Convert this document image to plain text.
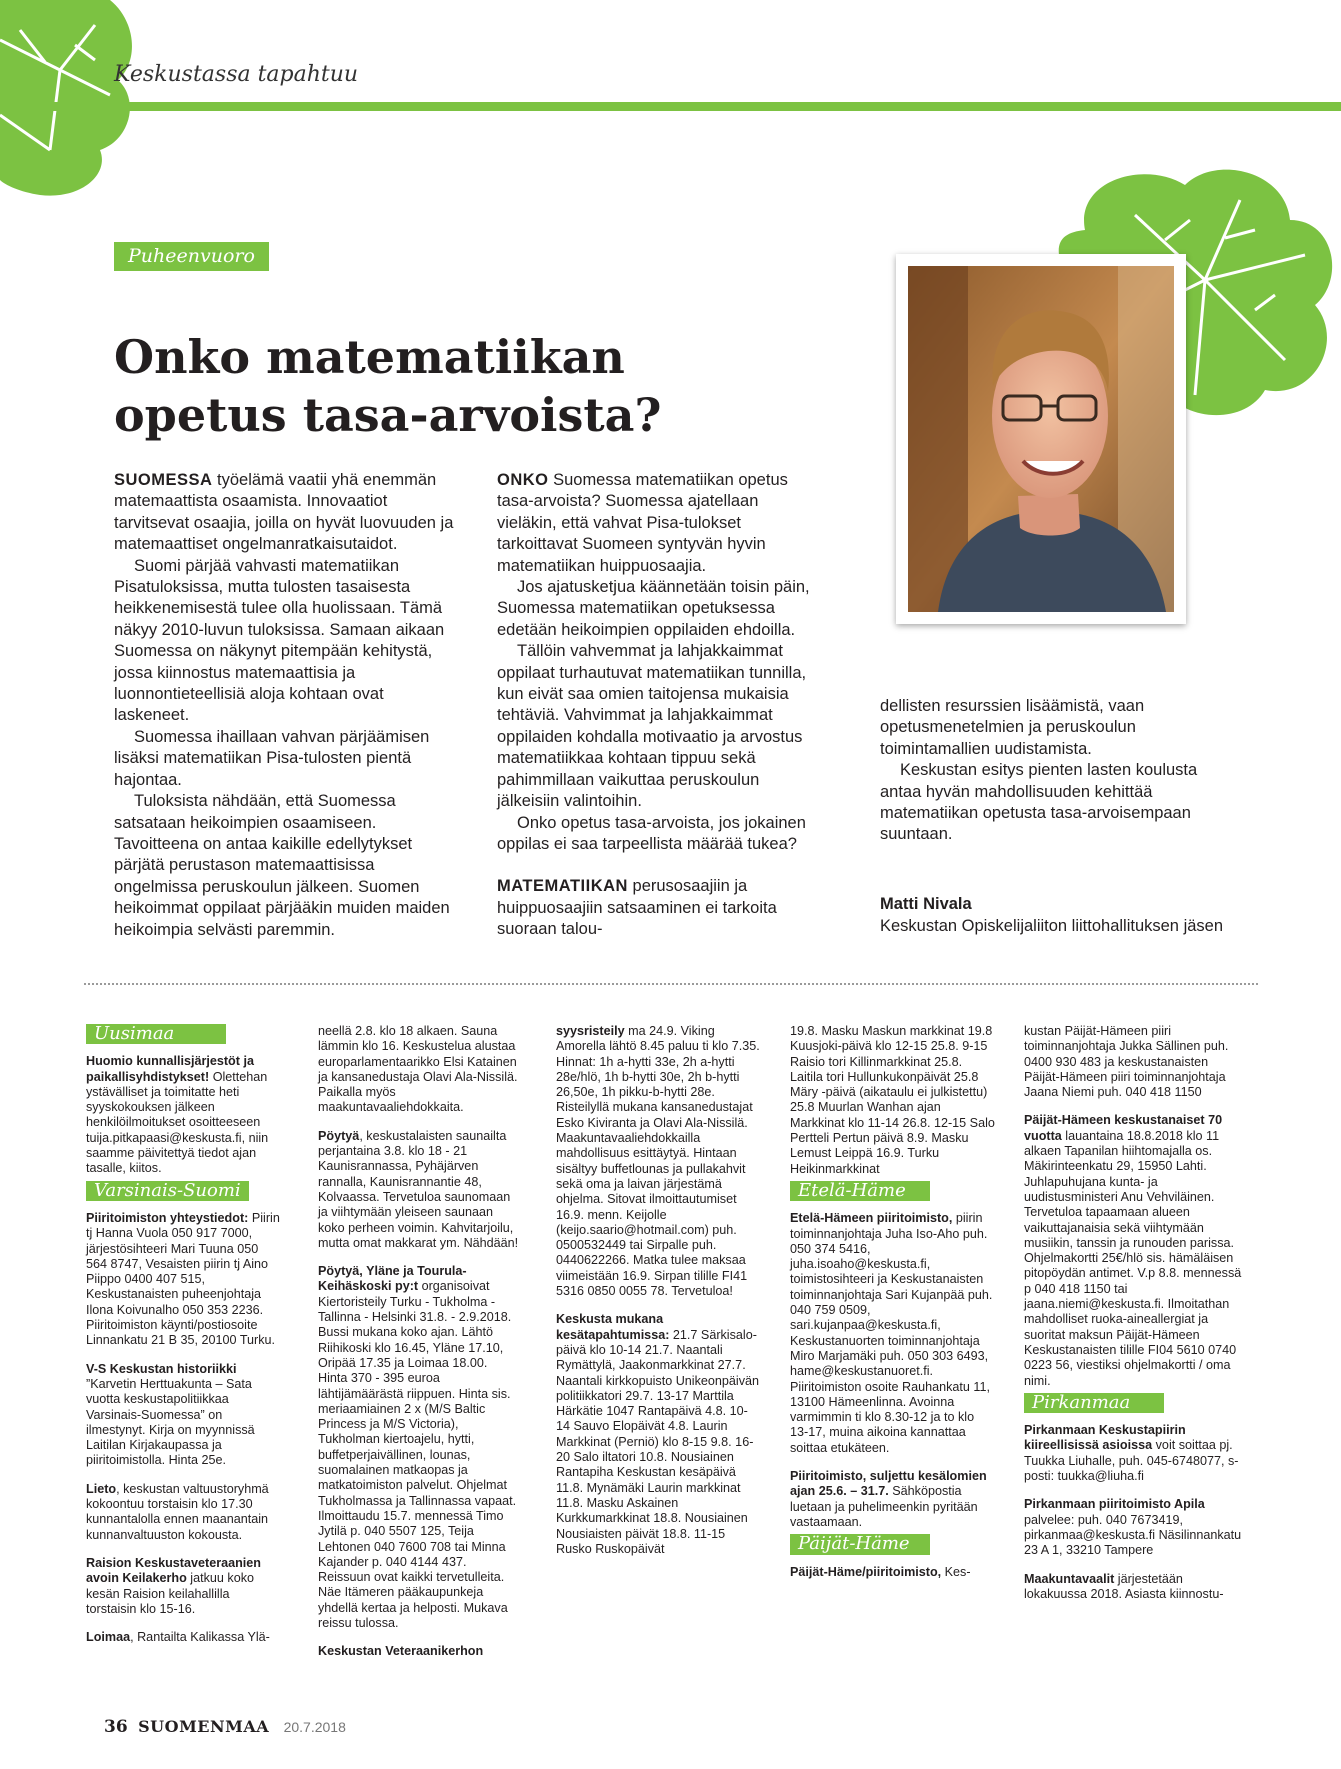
Keskustassa tapahtuu
Puheenvuoro
Onko matematiikan
opetus tasa-arvoista?

SUOMESSA työelämä vaatii yhä enemmän matemaattista osaamista. Innovaatiot tarvitsevat osaajia, joilla on hyvät luovuuden ja matemaattiset ongelmanratkaisutaidot.

Suomi pärjää vahvasti matematiikan Pisatuloksissa, mutta tulosten tasaisesta heikkenemisestä tulee olla huolissaan. Tämä näkyy 2010-luvun tuloksissa. Samaan aikaan Suomessa on näkynyt pitempään kehitystä, jossa kiinnostus matemaattisia ja luonnontieteellisiä aloja kohtaan ovat laskeneet.

Suomessa ihaillaan vahvan pärjäämisen lisäksi matematiikan Pisa-tulosten pientä hajontaa.

Tuloksista nähdään, että Suomessa satsataan heikoimpien osaamiseen. Tavoitteena on antaa kaikille edellytykset pärjätä perustason matemaattisissa ongelmissa peruskoulun jälkeen. Suomen heikoimmat oppilaat pärjääkin muiden maiden heikoimpia selvästi paremmin.

ONKO Suomessa matematiikan opetus tasa-arvoista? Suomessa ajatellaan vieläkin, että vahvat Pisa-tulokset tarkoittavat Suomeen syntyvän hyvin matematiikan huippuosaajia.

Jos ajatusketjua käännetään toisin päin, Suomessa matematiikan opetuksessa edetään heikoimpien oppilaiden ehdoilla.

Tällöin vahvemmat ja lahjakkaimmat oppilaat turhautuvat matematiikan tunnilla, kun eivät saa omien taitojensa mukaisia tehtäviä. Vahvimmat ja lahjakkaimmat oppilaiden kohdalla motivaatio ja arvostus matematiikkaa kohtaan tippuu sekä pahimmillaan vaikuttaa peruskoulun jälkeisiin valintoihin.

Onko opetus tasa-arvoista, jos jokainen oppilas ei saa tarpeellista määrää tukea?

MATEMATIIKAN perusosaajiin ja huippuosaajiin satsaaminen ei tarkoita suoraan talou-

dellisten resurssien lisäämistä, vaan opetusmenetelmien ja peruskoulun toimintamallien uudistamista.

Keskustan esitys pienten lasten koulusta antaa hyvän mahdollisuuden kehittää matematiikan opetusta tasa-arvoisempaan suuntaan.

Matti Nivala
Keskustan Opiskelijaliiton liittohallituksen jäsen
Uusimaa

Huomio kunnallisjärjestöt ja paikallisyhdistykset! Olettehan ystävälliset ja toimitatte heti syyskokouksen jälkeen henkilöilmoitukset osoitteeseen tuija.pitkapaasi@keskusta.fi, niin saamme päivitettyä tiedot ajan tasalle, kiitos.

Varsinais-Suomi

Piiritoimiston yhteystiedot: Piirin tj Hanna Vuola 050 917 7000, järjestösihteeri Mari Tuuna 050 564 8747, Vesaisten piirin tj Aino Piippo 0400 407 515, Keskustanaisten puheenjohtaja Ilona Koivunalho 050 353 2236. Piiritoimiston käynti/postiosoite Linnankatu 21 B 35, 20100 Turku.

V-S Keskustan historiikki ”Karvetin Herttuakunta – Sata vuotta keskustapolitiikkaa Varsinais-Suomessa” on ilmestynyt. Kirja on myynnissä Laitilan Kirjakaupassa ja piiritoimistolla. Hinta 25e.

Lieto, keskustan valtuustoryhmä kokoontuu torstaisin klo 17.30 kunnantalolla ennen maanantain kunnanvaltuuston kokousta.

Raision Keskustaveteraanien avoin Keilakerho jatkuu koko kesän Raision keilahallilla torstaisin klo 15-16.

Loimaa, Rantailta Kalikassa Ylä-

neellä 2.8. klo 18 alkaen. Sauna lämmin klo 16. Keskustelua alustaa europarlamentaarikko Elsi Katainen ja kansanedustaja Olavi Ala-Nissilä. Paikalla myös maakuntavaaliehdokkaita.

Pöytyä, keskustalaisten saunailta perjantaina 3.8. klo 18 - 21 Kaunisrannassa, Pyhäjärven rannalla, Kaunisrannantie 48, Kolvaassa. Tervetuloa saunomaan ja viihtymään yleiseen saunaan koko perheen voimin. Kahvitarjoilu, mutta omat makkarat ym. Nähdään!

Pöytyä, Yläne ja Tourula-Keihäskoski py:t organisoivat Kiertoristeily Turku - Tukholma - Tallinna - Helsinki 31.8. - 2.9.2018. Bussi mukana koko ajan. Lähtö Riihikoski klo 16.45, Yläne 17.10, Oripää 17.35 ja Loimaa 18.00. Hinta 370 - 395 euroa lähtijämäärästä riippuen. Hinta sis. meriaamiainen 2 x (M/S Baltic Princess ja M/S Victoria), Tukholman kiertoajelu, hytti, buffetperjaivällinen, lounas, suomalainen matkaopas ja matkatoimiston palvelut. Ohjelmat Tukholmassa ja Tallinnassa vapaat. Ilmoittaudu 15.7. mennessä Timo Jytilä p. 040 5507 125, Teija Lehtonen 040 7600 708 tai Minna Kajander p. 040 4144 437. Reissuun ovat kaikki tervetulleita. Näe Itämeren pääkaupunkeja yhdellä kertaa ja helposti. Mukava reissu tulossa.

Keskustan Veteraanikerhon

syysristeily ma 24.9. Viking Amorella lähtö 8.45 paluu ti klo 7.35. Hinnat: 1h a-hytti 33e, 2h a-hytti 28e/hlö, 1h b-hytti 30e, 2h b-hytti 26,50e, 1h pikku-b-hytti 28e. Risteilyllä mukana kansanedustajat Esko Kiviranta ja Olavi Ala-Nissilä. Maakuntavaaliehdokkailla mahdollisuus esittäytyä. Hintaan sisältyy buffetlounas ja pullakahvit sekä oma ja laivan järjestämä ohjelma. Sitovat ilmoittautumiset 16.9. menn. Keijolle (keijo.saario@hotmail.com) puh. 0500532449 tai Sirpalle puh. 0440622266. Matka tulee maksaa viimeistään 16.9. Sirpan tilille FI41 5316 0850 0055 78. Tervetuloa!

Keskusta mukana kesätapahtumissa: 21.7 Särkisalo-päivä klo 10-14 21.7. Naantali Rymättylä, Jaakonmarkkinat 27.7. Naantali kirkkopuisto Unikeonpäivän politiikkatori 29.7. 13-17 Marttila Härkätie 1047 Rantapäivä 4.8. 10-14 Sauvo Elopäivät 4.8. Laurin Markkinat (Perniö) klo 8-15 9.8. 16-20 Salo iltatori 10.8. Nousiainen Rantapiha Keskustan kesäpäivä 11.8. Mynämäki Laurin markkinat 11.8. Masku Askainen Kurkkumarkkinat 18.8. Nousiainen Nousiaisten päivät 18.8. 11-15 Rusko Ruskopäivät

19.8. Masku Maskun markkinat 19.8 Kuusjoki-päivä klo 12-15 25.8. 9-15 Raisio tori Killinmarkkinat 25.8. Laitila tori Hullunkukonpäivät 25.8 Märy -päivä (aikataulu ei julkistettu) 25.8 Muurlan Wanhan ajan Markkinat klo 11-14 26.8. 12-15 Salo Pertteli Pertun päivä 8.9. Masku Lemust Leippä 16.9. Turku Heikinmarkkinat

Etelä-Häme

Etelä-Hämeen piiritoimisto, piirin toiminnanjohtaja Juha Iso-Aho puh. 050 374 5416, juha.isoaho@keskusta.fi, toimistosihteeri ja Keskustanaisten toiminnanjohtaja Sari Kujanpää puh. 040 759 0509, sari.kujanpaa@keskusta.fi, Keskustanuorten toiminnanjohtaja Miro Marjamäki puh. 050 303 6493, hame@keskustanuoret.fi. Piiritoimiston osoite Rauhankatu 11, 13100 Hämeenlinna. Avoinna varmimmin ti klo 8.30-12 ja to klo 13-17, muina aikoina kannattaa soittaa etukäteen.

Piiritoimisto, suljettu kesälomien ajan 25.6. – 31.7. Sähköpostia luetaan ja puhelimeenkin pyritään vastaamaan.

Päijät-Häme

Päijät-Häme/piiritoimisto, Kes-

kustan Päijät-Hämeen piiri toiminnanjohtaja Jukka Sällinen puh. 0400 930 483 ja keskustanaisten Päijät-Hämeen piiri toiminnanjohtaja Jaana Niemi puh. 040 418 1150

Päijät-Hämeen keskustanaiset 70 vuotta lauantaina 18.8.2018 klo 11 alkaen Tapanilan hiihtomajalla os. Mäkirinteenkatu 29, 15950 Lahti. Juhlapuhujana kunta- ja uudistusministeri Anu Vehviläinen. Tervetuloa tapaamaan alueen vaikuttajanaisia sekä viihtymään musiikin, tanssin ja runouden parissa. Ohjelmakortti 25€/hlö sis. hämäläisen pitopöydän antimet. V.p 8.8. mennessä p 040 418 1150 tai jaana.niemi@keskusta.fi. Ilmoitathan mahdolliset ruoka-aineallergiat ja suoritat maksun Päijät-Hämeen Keskustanaisten tilille FI04 5610 0740 0223 56, viestiksi ohjelmakortti / oma nimi.

Pirkanmaa

Pirkanmaan Keskustapiirin kiireellisissä asioissa voit soittaa pj. Tuukka Liuhalle, puh. 045-6748077, s-posti: tuukka@liuha.fi

Pirkanmaan piiritoimisto Apila palvelee: puh. 040 7673419, pirkanmaa@keskusta.fi Näsilinnankatu 23 A 1, 33210 Tampere

Maakuntavaalit järjestetään lokakuussa 2018. Asiasta kiinnostu-

36 SUOMENMAA 20.7.2018
